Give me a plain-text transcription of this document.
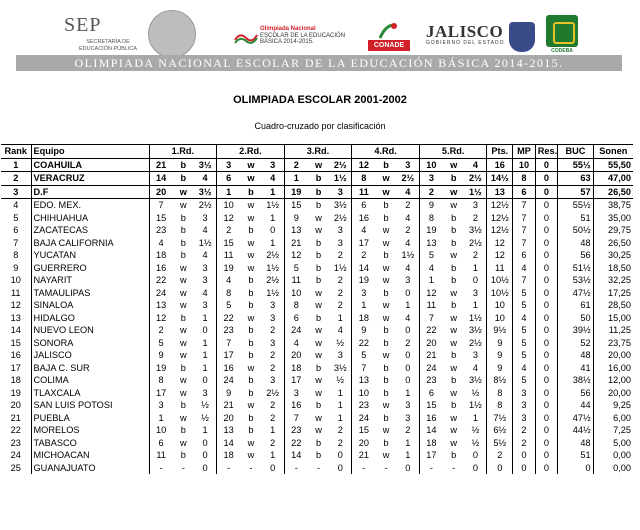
SEP
SECRETARÍA DE
EDUCACIÓN PÚBLICA
Olimpiada Nacional
ESCOLAR DE LA EDUCACIÓN
BÁSICA 2014-2015.	CONADE
JALISCO
GOBIERNO DEL ESTADO
CODEBA
OLIMPIADA NACIONAL ESCOLAR DE LA EDUCACIÓN BÁSICA 2014-2015.
OLIMPIADA ESCOLAR 2001-2002
Cuadro-cruzado por clasificación
Rank	Equipo	1.Rd.			2.Rd.			3.Rd.			4.Rd.			5.Rd.			Pts.	MP	Res.	BUC	Sonen
1	COAHUILA	21	b	3½	3	w	3	2	w	2½	12	b	3	10	w	4	16	10	0	55½	55,50
2	VERACRUZ	14	b	4	6	w	4	1	b	1½	8	w	2½	3	b	2½	14½	8	0	63	47,00
3	D.F	20	w	3½	1	b	1	19	b	3	11	w	4	2	w	1½	13	6	0	57	26,50
4	EDO. MEX.	7	w	2½	10	w	1½	15	b	3½	6	b	2	9	w	3	12½	7	0	55½	38,75
5	CHIHUAHUA	15	b	3	12	w	1	9	w	2½	16	b	4	8	b	2	12½	7	0	51	35,00
6	ZACATECAS	23	b	4	2	b	0	13	w	3	4	w	2	19	b	3½	12½	7	0	50½	29,75
7	BAJA CALIFORNIA	4	b	1½	15	w	1	21	b	3	17	w	4	13	b	2½	12	7	0	48	26,50
8	YUCATAN	18	b	4	11	w	2½	12	b	2	2	b	1½	5	w	2	12	6	0	56	30,25
9	GUERRERO	16	w	3	19	w	1½	5	b	1½	14	w	4	4	b	1	11	4	0	51½	18,50
10	NAYARIT	22	w	3	4	b	2½	11	b	2	19	w	3	1	b	0	10½	7	0	53½	32,25
11	TAMAULIPAS	24	w	4	8	b	1½	10	w	2	3	b	0	12	w	3	10½	5	0	47½	17,25
12	SINALOA	13	w	3	5	b	3	8	w	2	1	w	1	11	b	1	10	5	0	61	28,50
13	HIDALGO	12	b	1	22	w	3	6	b	1	18	w	4	7	w	1½	10	4	0	50	15,00
14	NUEVO LEON	2	w	0	23	b	2	24	w	4	9	b	0	22	w	3½	9½	5	0	39½	11,25
15	SONORA	5	w	1	7	b	3	4	w	½	22	b	2	20	w	2½	9	5	0	52	23,75
16	JALISCO	9	w	1	17	b	2	20	w	3	5	w	0	21	b	3	9	5	0	48	20,00
17	BAJA C. SUR	19	b	1	16	w	2	18	b	3½	7	b	0	24	w	4	9	4	0	41	16,00
18	COLIMA	8	w	0	24	b	3	17	w	½	13	b	0	23	b	3½	8½	5	0	38½	12,00
19	TLAXCALA	17	w	3	9	b	2½	3	w	1	10	b	1	6	w	½	8	3	0	56	20,00
20	SAN LUIS POTOSI	3	b	½	21	w	2	16	b	1	23	w	3	15	b	1½	8	3	0	44	9,25
21	PUEBLA	1	w	½	20	b	2	7	w	1	24	b	3	16	w	1	7½	3	0	47½	6,00
22	MORELOS	10	b	1	13	b	1	23	w	2	15	w	2	14	w	½	6½	2	0	44½	7,25
23	TABASCO	6	w	0	14	w	2	22	b	2	20	b	1	18	w	½	5½	2	0	48	5,00
24	MICHOACAN	11	b	0	18	w	1	14	b	0	21	w	1	17	b	0	2	0	0	51	0,00
25	GUANAJUATO	-	-	0	-	-	0	-	-	0	-	-	0	-	-	0	0	0	0	0	0,00
